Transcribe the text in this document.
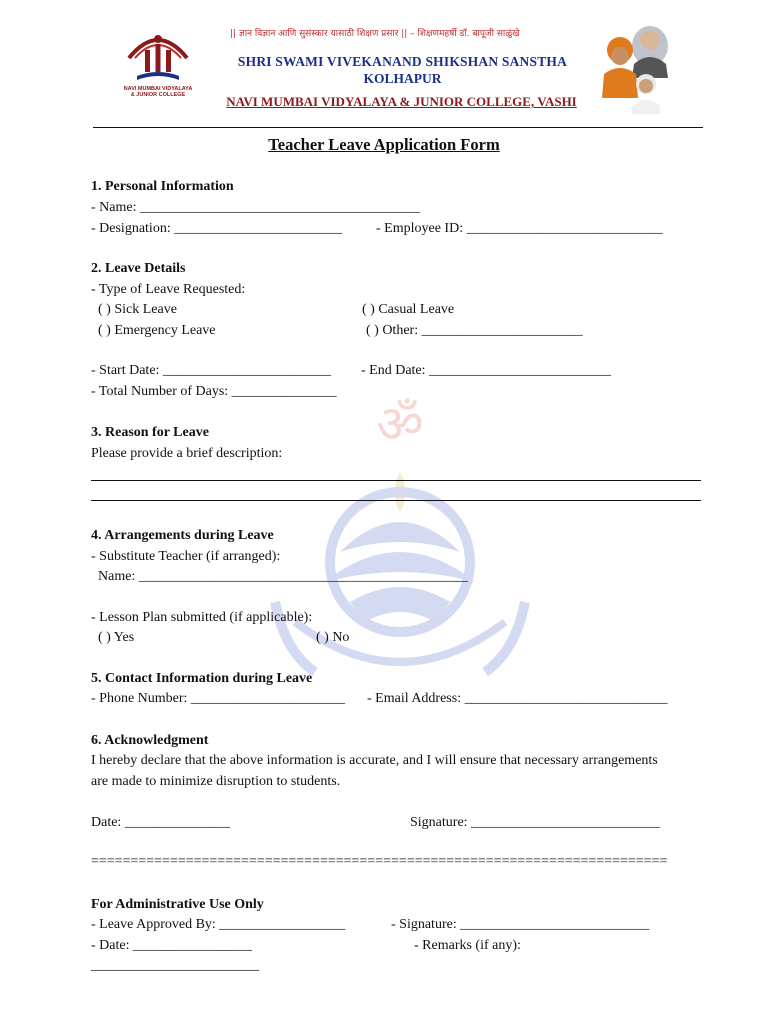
NAVI MUMBAI VIDYALAYA
& JUNIOR COLLEGE
|| ज्ञान विज्ञान आणि सुसंस्कार यासाठी शिक्षण प्रसार || – शिक्षणमहर्षी डॉ. बापूजी साळुंखे
SHRI SWAMI VIVEKANAND SHIKSHAN SANSTHA
KOLHAPUR
NAVI MUMBAI VIDYALAYA & JUNIOR COLLEGE, VASHI
ॐ
Teacher Leave Application Form
1. Personal Information
- Name: ________________________________________
- Designation: ________________________ - Employee ID: ____________________________
2. Leave Details
- Type of Leave Requested:
( ) Sick Leave	( ) Casual Leave
( ) Emergency Leave	( ) Other: _______________________
- Start Date: ________________________ - End Date: __________________________
- Total Number of Days: _______________
3. Reason for Leave
Please provide a brief description:
4. Arrangements during Leave
- Substitute Teacher (if arranged):
Name: _______________________________________________
- Lesson Plan submitted (if applicable):
( ) Yes	( ) No
5. Contact Information during Leave
- Phone Number: ______________________ - Email Address: _____________________________
6. Acknowledgment
I hereby declare that the above information is accurate, and I will ensure that necessary arrangements
are made to minimize disruption to students.
Date: _______________	Signature: ___________________________
=========================================================================
For Administrative Use Only
- Leave Approved By: __________________	- Signature: ___________________________
- Date: _________________	- Remarks (if any):
________________________
